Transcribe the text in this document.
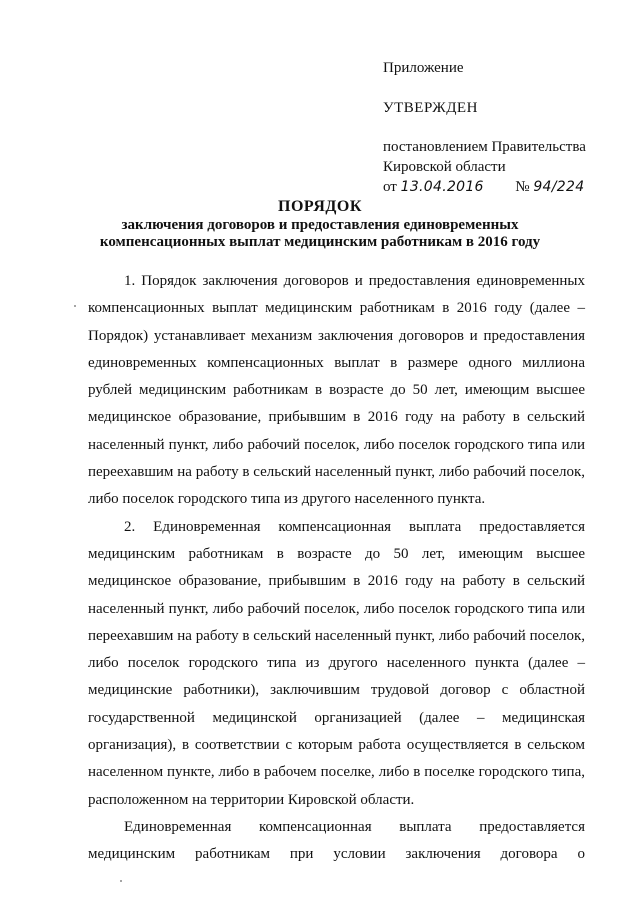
Приложение
УТВЕРЖДЕН
постановлением Правительства
Кировской области
от 13.04.2016 № 94/224
ПОРЯДОК
заключения договоров и предоставления единовременных
компенсационных выплат медицинским работникам в 2016 году

1. Порядок заключения договоров и предоставления единовременных компенсационных выплат медицинским работникам в 2016 году (далее – Порядок) устанавливает механизм заключения договоров и предоставления единовременных компенсационных выплат в размере одного миллиона рублей медицинским работникам в возрасте до 50 лет, имеющим высшее медицинское образование, прибывшим в 2016 году на работу в сельский населенный пункт, либо рабочий поселок, либо поселок городского типа или переехавшим на работу в сельский населенный пункт, либо рабочий поселок, либо поселок городского типа из другого населенного пункта.

2. Единовременная компенсационная выплата предоставляется медицинским работникам в возрасте до 50 лет, имеющим высшее медицинское образование, прибывшим в 2016 году на работу в сельский населенный пункт, либо рабочий поселок, либо поселок городского типа или переехавшим на работу в сельский населенный пункт, либо рабочий поселок, либо поселок городского типа из другого населенного пункта (далее – медицинские работники), заключившим трудовой договор с областной государственной медицинской организацией (далее – медицинская организация), в соответствии с которым работа осуществляется в сельском населенном пункте, либо в рабочем поселке, либо в поселке городского типа, расположенном на территории Кировской области.

Единовременная компенсационная выплата предоставляется медицинским работникам при условии заключения договора о
